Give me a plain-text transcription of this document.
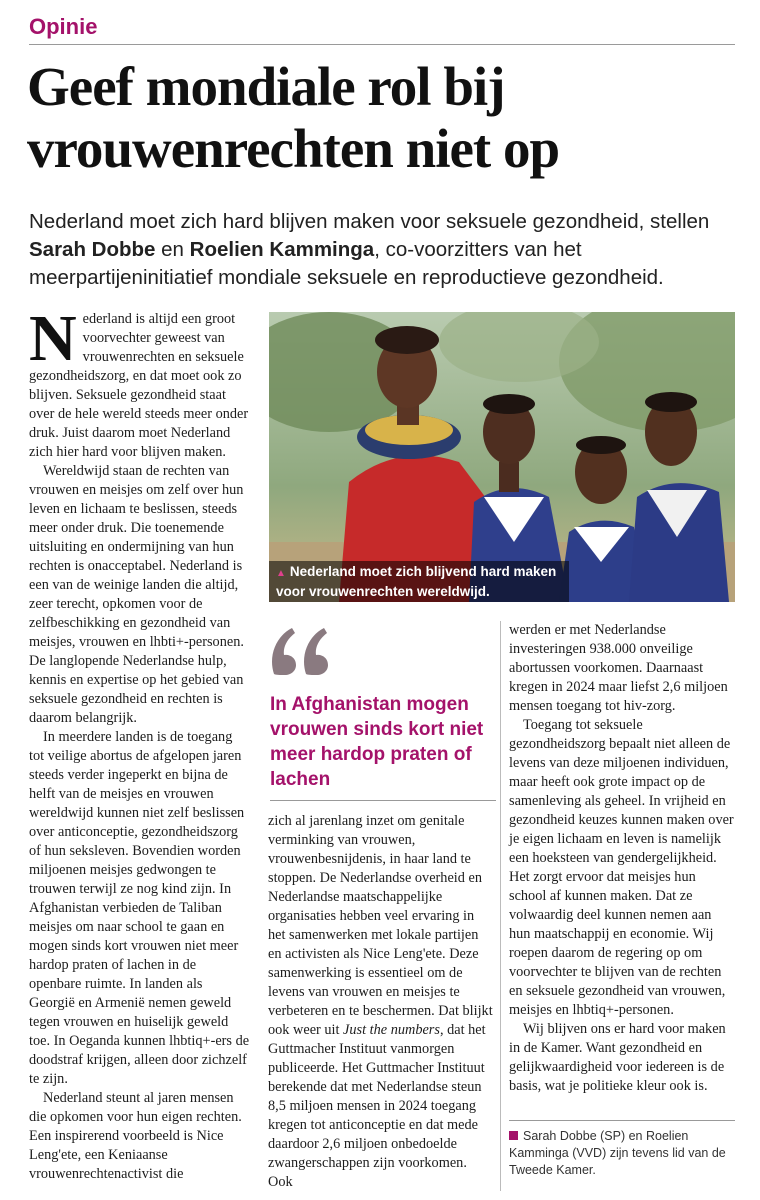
Opinie
Geef mondiale rol bij vrouwenrechten niet op

Nederland moet zich hard blijven maken voor seksuele gezondheid, stellen Sarah Dobbe en Roelien Kamminga, co-voorzitters van het meerpartijeninitiatief mondiale seksuele en reproductieve gezondheid.

N ederland is altijd een groot voorvechter geweest van vrouwenrechten en seksuele gezondheidszorg, en dat moet ook zo blijven. Seksuele gezondheid staat over de hele wereld steeds meer onder druk. Juist daarom moet Nederland zich hier hard voor blijven maken.

Wereldwijd staan de rechten van vrouwen en meisjes om zelf over hun leven en lichaam te beslissen, steeds meer onder druk. Die toenemende uitsluiting en ondermijning van hun rechten is onacceptabel. Nederland is een van de weinige landen die altijd, zeer terecht, opkomen voor de zelfbeschikking en gezondheid van meisjes, vrouwen en lhbti+-personen. De langlopende Nederlandse hulp, kennis en expertise op het gebied van seksuele gezondheid en rechten is daarom belangrijk.

In meerdere landen is de toegang tot veilige abortus de afgelopen jaren steeds verder ingeperkt en bijna de helft van de meisjes en vrouwen wereldwijd kunnen niet zelf beslissen over anticonceptie, gezondheidszorg of hun seksleven. Bovendien worden miljoenen meisjes gedwongen te trouwen terwijl ze nog kind zijn. In Afghanistan verbieden de Taliban meisjes om naar school te gaan en mogen sinds kort vrouwen niet meer hardop praten of lachen in de openbare ruimte. In landen als Georgië en Armenië nemen geweld tegen vrouwen en huiselijk geweld toe. In Oeganda kunnen lhbtiq+-ers de doodstraf krijgen, alleen door zichzelf te zijn.

Nederland steunt al jaren mensen die opkomen voor hun eigen rechten. Een inspirerend voorbeeld is Nice Leng'ete, een Keniaanse vrouwenrechtenactivist die

▲ Nederland moet zich blijvend hard maken voor vrouwenrechten wereldwijd.

In Afghanistan mogen vrouwen sinds kort niet meer hardop praten of lachen

zich al jarenlang inzet om genitale verminking van vrouwen, vrouwenbesnijdenis, in haar land te stoppen. De Nederlandse overheid en Nederlandse maatschappelijke organisaties hebben veel ervaring in het samenwerken met lokale partijen en activisten als Nice Leng'ete. Deze samenwerking is essentieel om de levens van vrouwen en meisjes te verbeteren en te beschermen. Dat blijkt ook weer uit Just the numbers, dat het Guttmacher Instituut vanmorgen publiceerde. Het Guttmacher Instituut berekende dat met Nederlandse steun 8,5 miljoen mensen in 2024 toegang kregen tot anticonceptie en dat mede daardoor 2,6 miljoen onbedoelde zwangerschappen zijn voorkomen. Ook

werden er met Nederlandse investeringen 938.000 onveilige abortussen voorkomen. Daarnaast kregen in 2024 maar liefst 2,6 miljoen mensen toegang tot hiv-zorg.

Toegang tot seksuele gezondheidszorg bepaalt niet alleen de levens van deze miljoenen individuen, maar heeft ook grote impact op de samenleving als geheel. In vrijheid en gezondheid keuzes kunnen maken over je eigen lichaam en leven is namelijk een hoeksteen van gendergelijkheid. Het zorgt ervoor dat meisjes hun school af kunnen maken. Dat ze volwaardig deel kunnen nemen aan hun maatschappij en economie. Wij roepen daarom de regering op om voorvechter te blijven van de rechten en seksuele gezondheid van vrouwen, meisjes en lhbtiq+-personen.

Wij blijven ons er hard voor maken in de Kamer. Want gezondheid en gelijkwaardigheid voor iedereen is de basis, wat je politieke kleur ook is.

Sarah Dobbe (SP) en Roelien Kamminga (VVD) zijn tevens lid van de Tweede Kamer.
